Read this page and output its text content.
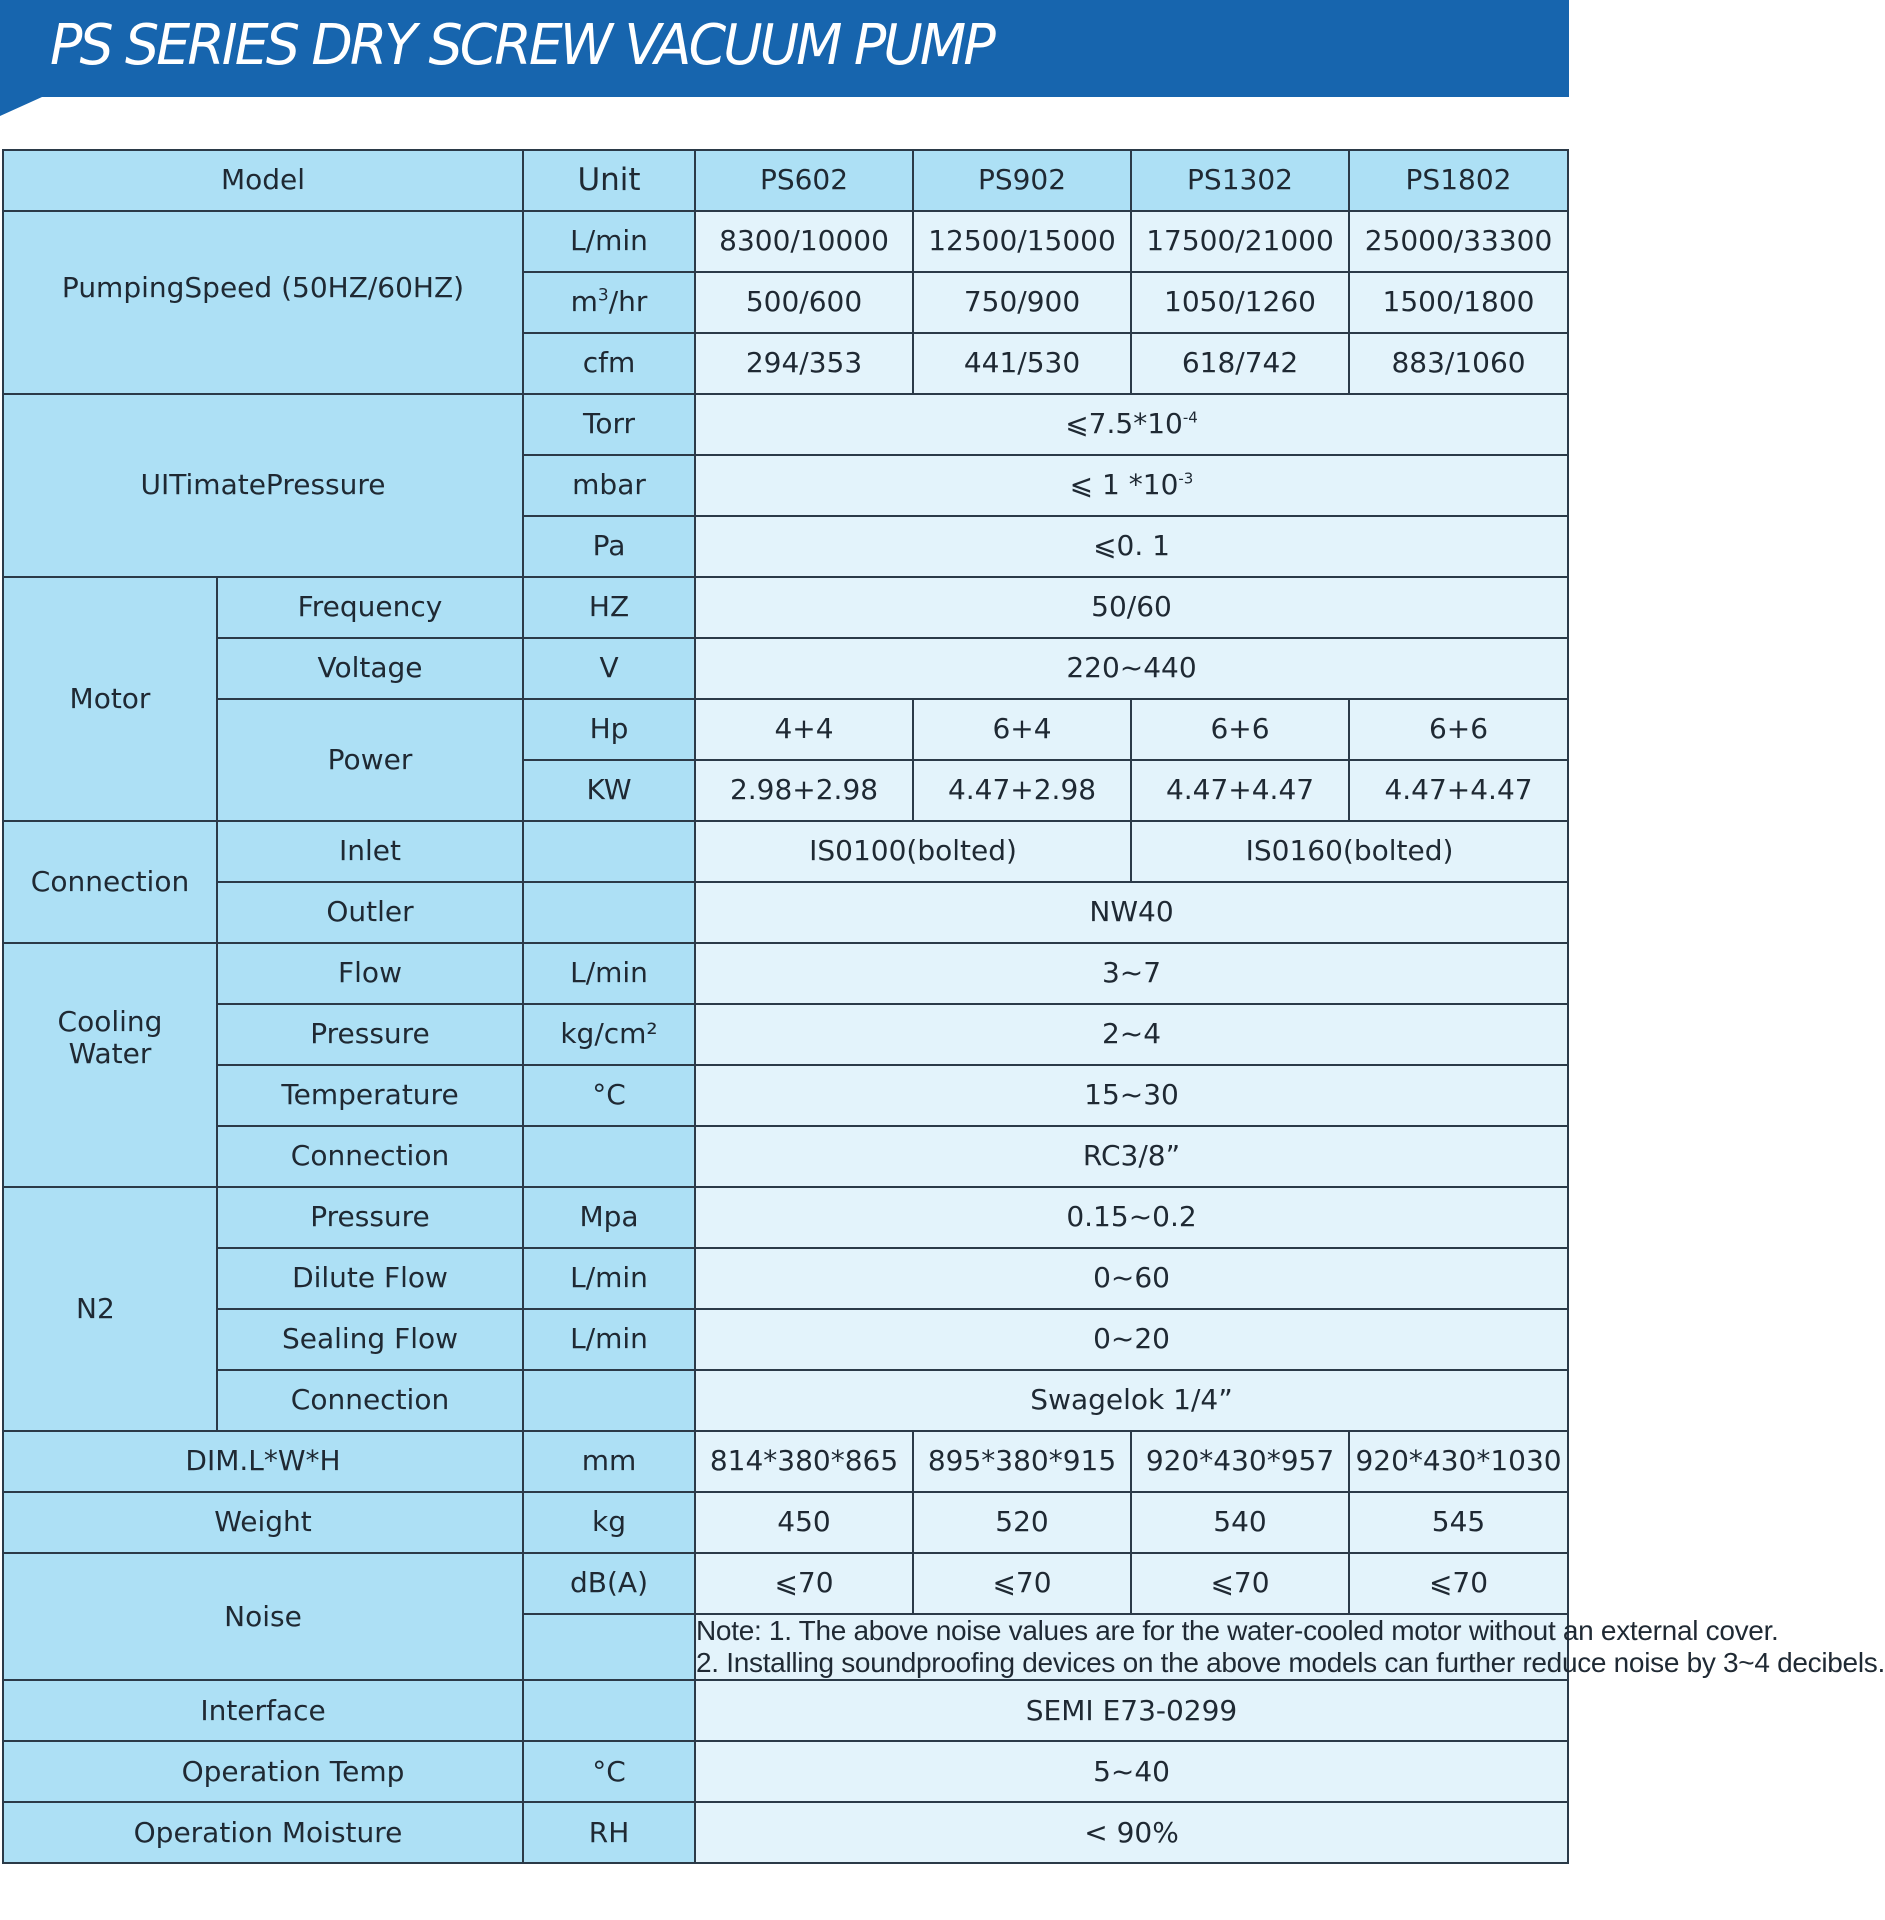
PS SERIES DRY SCREW VACUUM PUMP
Model		Unit	PS602	PS902	PS1302	PS1802
PumpingSpeed (50HZ/60HZ)		L/min	8300/10000	12500/15000	17500/21000	25000/33300
		$m^3/hr$	500/600	750/900	1050/1260	1500/1800
		cfm	294/353	441/530	618/742	883/1060
UITimatePressure		Torr	$⩽7.5*10^{-4}$
		mbar	⩽ 1 $*10^{-3}$
		Pa	⩽0. 1			
Motor	Frequency	HZ	50/60			
	Voltage	V	220~440			
	Power	Hp	4+4	6+4	6+6	6+6
		KW	2.98+2.98	4.47+2.98	4.47+4.47	4.47+4.47
Connection	Inlet		IS0100(bolted)		IS0160(bolted)	
	Outler		NW40			

Cooling
Water	Flow	L/min	3~7			
	Pressure	kg/cm²	2~4			
	Temperature	°C	15~30			
	Connection		RC3/8”			
N2	Pressure	Mpa	0.15~0.2			
	Dilute Flow	L/min	0~60			
	Sealing Flow	L/min	0~20			
	Connection		Swagelok 1/4”			
DIM.L*W*H		mm	814*380*865	895*380*915	920*430*957	920*430*1030
Weight		kg	450	520	540	545
Noise		dB(A)	⩽70	⩽70	⩽70	⩽70

			Note: 1. The above noise values are for the water-cooled motor without an external cover.
2. Installing soundproofing devices on the above models can further reduce noise by 3~4 decibels.			

Interface			SEMI E73-0299			
Operation Temp		°C	5~40			
Operation Moisture		RH	< 90%			
